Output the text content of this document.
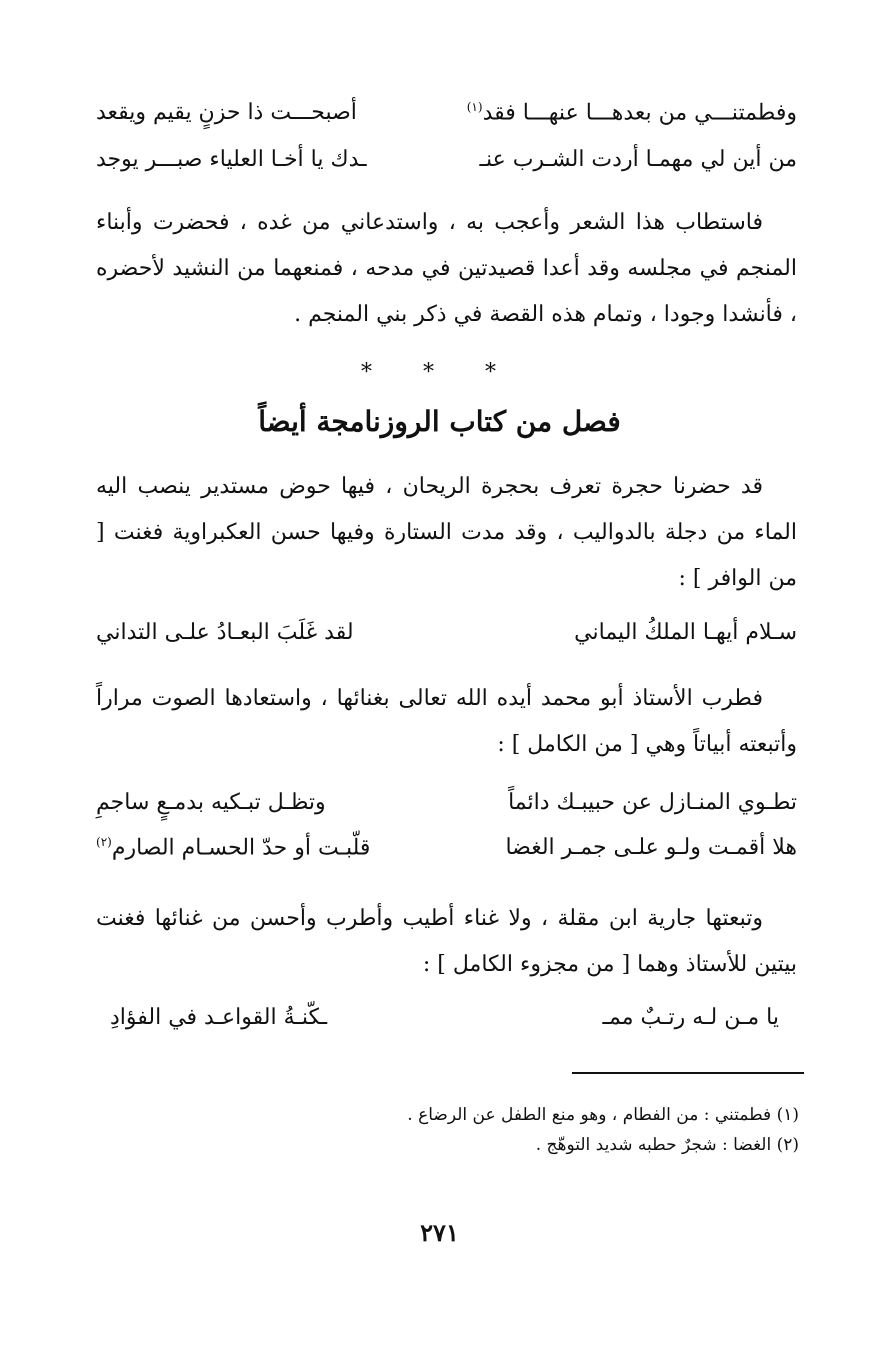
وفطمتنـــي من بعدهـــا عنهـــا فقد$^{(١)}$
أصبحـــت ذا حزنٍ يقيم ويقعد
من أين لي مهمـا أردت الشـرب عنـ
ـدك يا أخـا العلياء صبـــر يوجد
فاستطاب هذا الشعر وأعجب به ، واستدعاني من غده ، فحضرت وأبناء المنجم في مجلسه وقد أعدا قصيدتين في مدحه ، فمنعهما من النشيد لأحضره ، فأنشدا وجودا ، وتمام هذه القصة في ذكر بني المنجم .
* * *
فصل من كتاب الروزنامجة أيضاً
قد حضرنا حجرة تعرف بحجرة الريحان ، فيها حوض مستدير ينصب اليه الماء من دجلة بالدواليب ، وقد مدت الستارة وفيها حسن العكبراوية فغنت [ من الوافر ] :
سـلام أيهـا الملكُ اليماني
لقد غَلَبَ البعـادُ علـى التداني
فطرب الأستاذ أبو محمد أيده الله تعالى بغنائها ، واستعادها الصوت مراراً وأتبعته أبياتاً وهي [ من الكامل ] :
تطـوي المنـازل عن حبيبـك دائماً
وتظـل تبـكيه بدمـعٍ ساجمِ
هلا أقمـت ولـو علـى جمـر الغضا
قلّبـت أو حدّ الحسـام الصارم$^{(٢)}$
وتبعتها جارية ابن مقلة ، ولا غناء أطيب وأطرب وأحسن من غنائها فغنت بيتين للأستاذ وهما [ من مجزوء الكامل ] :
يا مـن لـه رتـبٌ ممـ
ـكّنـةُ القواعـد في الفؤادِ
(١) فطمتني : من الفطام ، وهو منع الطفل عن الرضاع .
(٢) الغضا : شجرٌ حطبه شديد التوهّج .
٢٧١
